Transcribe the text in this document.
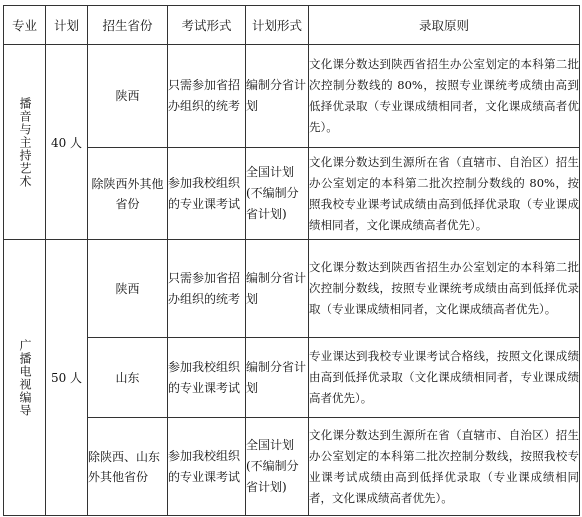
专业	计划	招生省份	考试形式	计划形式	录取原则
播音与主持艺术	40 人	陕西	只需参加省招办组织的统考	编制分省计划	文化课分数达到陕西省招生办公室划定的本科第二批次控制分数线的 80%，按照专业课统考成绩由高到低择优录取（专业课成绩相同者，文化课成绩高者优先）。
		除陕西外其他省份	参加我校组织的专业课考试	全国计划(不编制分省计划)	文化课分数达到生源所在省（直辖市、自治区）招生办公室划定的本科第二批次控制分数线的 80%，按照我校专业课考试成绩由高到低择优录取（专业课成绩相同者，文化课成绩高者优先）。
广播电视编导	50 人	陕西	只需参加省招办组织的统考	编制分省计划	文化课分数达到陕西省招生办公室划定的本科第二批次控制分数线，按照专业课统考成绩由高到低择优录取（专业课成绩相同者，文化课成绩高者优先）。
		山东	参加我校组织的专业课考试	编制分省计划	专业课达到我校专业课考试合格线，按照文化课成绩由高到低择优录取（文化课成绩相同者，专业课成绩高者优先）。
		除陕西、山东外其他省份	参加我校组织的专业课考试	全国计划(不编制分省计划)	文化课分数达到生源所在省（直辖市、自治区）招生办公室划定的本科第二批次控制分数线，按照我校专业课考试成绩由高到低择优录取（专业课成绩相同者，文化课成绩高者优先）。
